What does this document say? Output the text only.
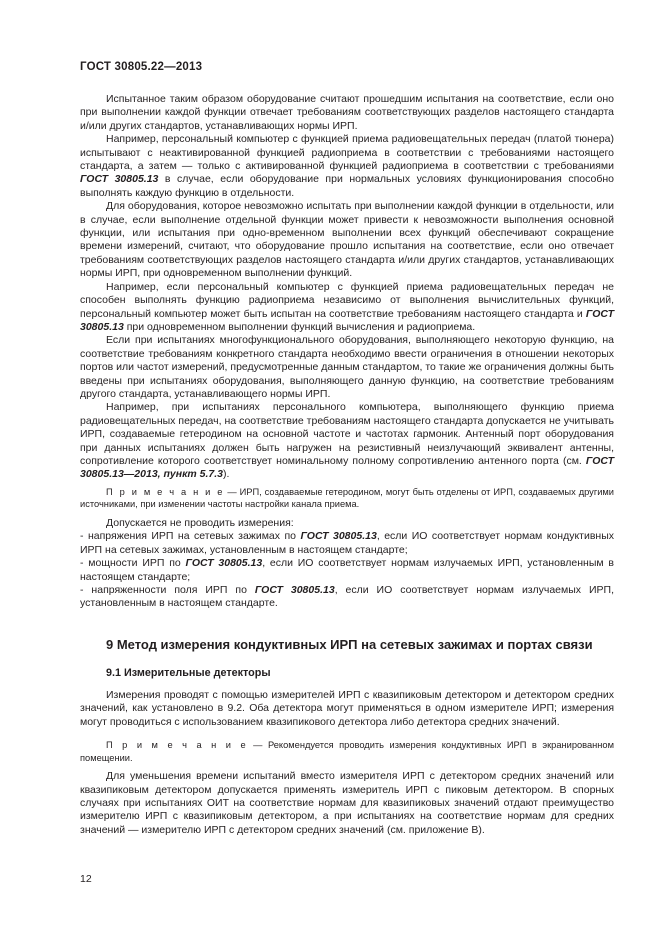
ГОСТ 30805.22—2013

Испытанное таким образом оборудование считают прошедшим испытания на соответствие, если оно при выполнении каждой функции отвечает требованиям соответствующих разделов настоящего стандарта и/или других стандартов, устанавливающих нормы ИРП.

Например, персональный компьютер с функцией приема радиовещательных передач (платой тюнера) испытывают с неактивированной функцией радиоприема в соответствии с требованиями настоящего стандарта, а затем — только с активированной функцией радиоприема в соответствии с требованиями ГОСТ 30805.13 в случае, если оборудование при нормальных условиях функционирования способно выполнять каждую функцию в отдельности.

Для оборудования, которое невозможно испытать при выполнении каждой функции в отдельности, или в случае, если выполнение отдельной функции может привести к невозможности выполнения основной функции, или испытания при одно-временном выполнении всех функций обеспечивают сокращение времени измерений, считают, что оборудование прошло испытания на соответствие, если оно отвечает требованиям соответствующих разделов настоящего стандарта и/или других стандартов, устанавливающих нормы ИРП, при одновременном выполнении функций.

Например, если персональный компьютер с функцией приема радиовещательных передач не способен выполнять функцию радиоприема независимо от выполнения вычислительных функций, персональный компьютер может быть испытан на соответствие требованиям настоящего стандарта и ГОСТ 30805.13 при одновременном выполнении функций вычисления и радиоприема.

Если при испытаниях многофункционального оборудования, выполняющего некоторую функцию, на соответствие требованиям конкретного стандарта необходимо ввести ограничения в отношении некоторых портов или частот измерений, предусмотренные данным стандартом, то такие же ограничения должны быть введены при испытаниях оборудования, выполняющего данную функцию, на соответствие требованиям другого стандарта, устанавливающего нормы ИРП.

Например, при испытаниях персонального компьютера, выполняющего функцию приема радиовещательных передач, на соответствие требованиям настоящего стандарта допускается не учитывать ИРП, создаваемые гетеродином на основной частоте и частотах гармоник. Антенный порт оборудования при данных испытаниях должен быть нагружен на резистивный неизлучающий эквивалент антенны, сопротивление которого соответствует номинальному полному сопротивлению антенного порта (см. ГОСТ 30805.13—2013, пункт 5.7.3).

П р и м е ч а н и е — ИРП, создаваемые гетеродином, могут быть отделены от ИРП, создаваемых другими источниками, при изменении частоты настройки канала приема.

Допускается не проводить измерения:

- напряжения ИРП на сетевых зажимах по ГОСТ 30805.13, если ИО соответствует нормам кондуктивных ИРП на сетевых зажимах, установленным в настоящем стандарте;

- мощности ИРП по ГОСТ 30805.13, если ИО соответствует нормам излучаемых ИРП, установленным в настоящем стандарте;

- напряженности поля ИРП по ГОСТ 30805.13, если ИО соответствует нормам излучаемых ИРП, установленным в настоящем стандарте.

9 Метод измерения кондуктивных ИРП на сетевых зажимах и портах связи
9.1 Измерительные детекторы

Измерения проводят с помощью измерителей ИРП с квазипиковым детектором и детектором средних значений, как установлено в 9.2. Оба детектора могут применяться в одном измерителе ИРП; измерения могут проводиться с использованием квазипикового детектора либо детектора средних значений.

П р и м е ч а н и е — Рекомендуется проводить измерения кондуктивных ИРП в экранированном помещении.

Для уменьшения времени испытаний вместо измерителя ИРП с детектором средних значений или квазипиковым детектором допускается применять измеритель ИРП с пиковым детектором. В спорных случаях при испытаниях ОИТ на соответствие нормам для квазипиковых значений отдают преимущество измерителю ИРП с квазипиковым детектором, а при испытаниях на соответствие нормам для средних значений — измерителю ИРП с детектором средних значений (см. приложение В).

12
